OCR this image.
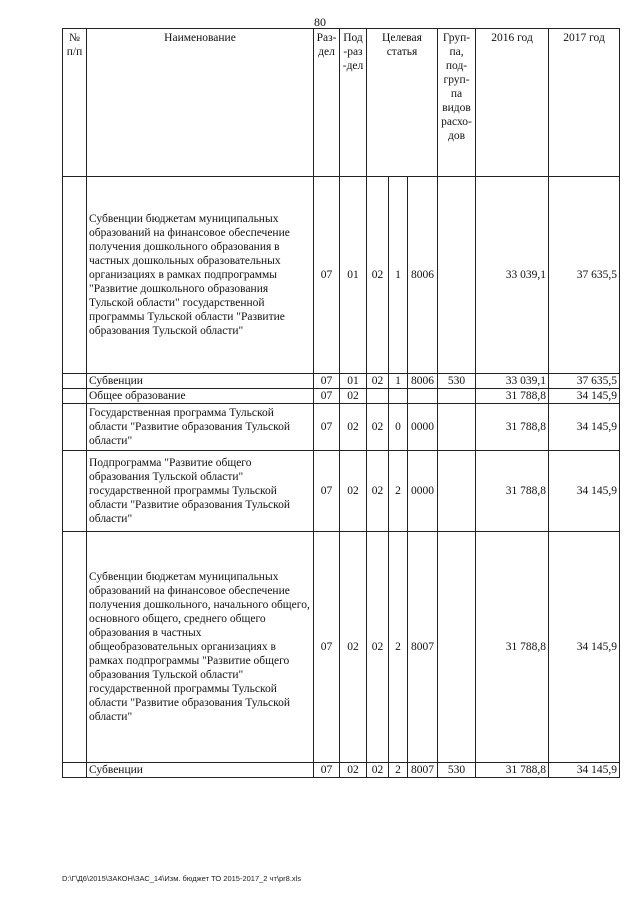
80
№ п/п	Наименование	Раз-дел	Под-раз-дел	Целевая статья			Груп-па, под-груп-па видов расхо-дов	2016 год	2017 год
	Субвенции бюджетам муниципальных образований на финансовое обеспечение получения дошкольного образования в частных дошкольных образовательных организациях в рамках подпрограммы "Развитие дошкольного образования Тульской области" государственной программы Тульской области "Развитие образования Тульской области"	07	01	02	1	8006		33 039,1	37 635,5
	Субвенции	07	01	02	1	8006	530	33 039,1	37 635,5
	Общее образование	07	02					31 788,8	34 145,9
	Государственная программа Тульской области "Развитие образования Тульской области"	07	02	02	0	0000		31 788,8	34 145,9
	Подпрограмма "Развитие общего образования Тульской области" государственной программы Тульской области "Развитие образования Тульской области"	07	02	02	2	0000		31 788,8	34 145,9
	Субвенции бюджетам муниципальных образований на финансовое обеспечение получения дошкольного, начального общего, основного общего, среднего общего образования в частных общеобразовательных организациях в рамках подпрограммы "Развитие общего образования Тульской области" государственной программы Тульской области "Развитие образования Тульской области"	07	02	02	2	8007		31 788,8	34 145,9
	Субвенции	07	02	02	2	8007	530	31 788,8	34 145,9
D:\Г\Д6\2015\ЗАКОН\ЗАС_14\Изм. бюджет ТО 2015-2017_2 чт\pr8.xls
